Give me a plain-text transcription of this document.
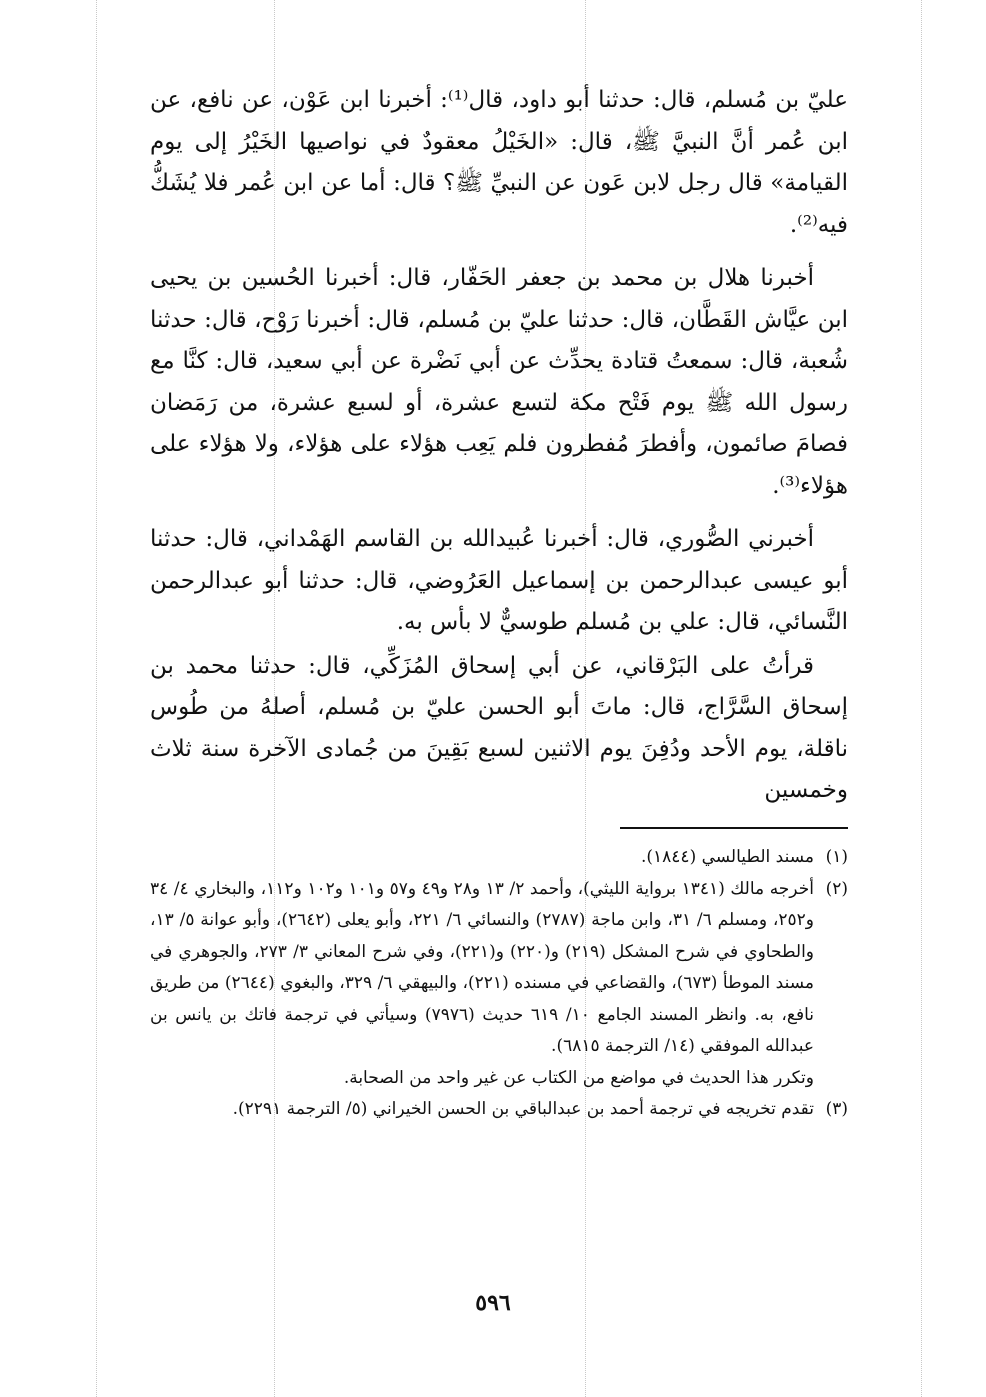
عليّ بن مُسلم، قال: حدثنا أبو داود، قال⁽¹⁾: أخبرنا ابن عَوْن، عن نافع، عن ابن عُمر أنَّ النبيَّ ﷺ، قال: «الخَيْلُ معقودٌ في نواصيها الخَيْرُ إلى يوم القيامة» قال رجل لابن عَون عن النبيِّ ﷺ؟ قال: أما عن ابن عُمر فلا يُشَكُّ فيه⁽²⁾.

أخبرنا هلال بن محمد بن جعفر الحَفّار، قال: أخبرنا الحُسين بن يحيى ابن عيَّاش القَطَّان، قال: حدثنا عليّ بن مُسلم، قال: أخبرنا رَوْح، قال: حدثنا شُعبة، قال: سمعتُ قتادة يحدِّث عن أبي نَضْرة عن أبي سعيد، قال: كنَّا مع رسول الله ﷺ يوم فَتْح مكة لتسع عشرة، أو لسبع عشرة، من رَمَضان فصامَ صائمون، وأفطرَ مُفطرون فلم يَعِب هؤلاء على هؤلاء، ولا هؤلاء على هؤلاء⁽³⁾.

أخبرني الصُّوري، قال: أخبرنا عُبيدالله بن القاسم الهَمْداني، قال: حدثنا أبو عيسى عبدالرحمن بن إسماعيل العَرُوضي، قال: حدثنا أبو عبدالرحمن النَّسائي، قال: علي بن مُسلم طوسيٌّ لا بأس به.

قرأتُ على البَرْقاني، عن أبي إسحاق المُزَكِّي، قال: حدثنا محمد بن إسحاق السَّرَّاج، قال: ماتَ أبو الحسن عليّ بن مُسلم، أصلهُ من طُوس ناقلة، يوم الأحد ودُفِنَ يوم الاثنين لسبع بَقِينَ من جُمادى الآخرة سنة ثلاث وخمسين

(١)
مسند الطيالسي (١٨٤٤).
(٢)
أخرجه مالك (١٣٤١ برواية الليثي)، وأحمد ٢/ ١٣ و٢٨ و٤٩ و٥٧ و١٠١ و١٠٢ و١١٢، والبخاري ٤/ ٣٤ و٢٥٢، ومسلم ٦/ ٣١، وابن ماجة (٢٧٨٧) والنسائي ٦/ ٢٢١، وأبو يعلى (٢٦٤٢)، وأبو عوانة ٥/ ١٣، والطحاوي في شرح المشكل (٢١٩) و(٢٢٠) و(٢٢١)، وفي شرح المعاني ٣/ ٢٧٣، والجوهري في مسند الموطأ (٦٧٣)، والقضاعي في مسنده (٢٢١)، والبيهقي ٦/ ٣٢٩، والبغوي (٢٦٤٤) من طريق نافع، به. وانظر المسند الجامع ١٠/ ٦١٩ حديث (٧٩٧٦) وسيأتي في ترجمة فاتك بن يانس بن عبدالله الموفقي (١٤/ الترجمة ٦٨١٥).
وتكرر هذا الحديث في مواضع من الكتاب عن غير واحد من الصحابة.
(٣)
تقدم تخريجه في ترجمة أحمد بن عبدالباقي بن الحسن الخيراني (٥/ الترجمة ٢٢٩١).
٥٩٦
